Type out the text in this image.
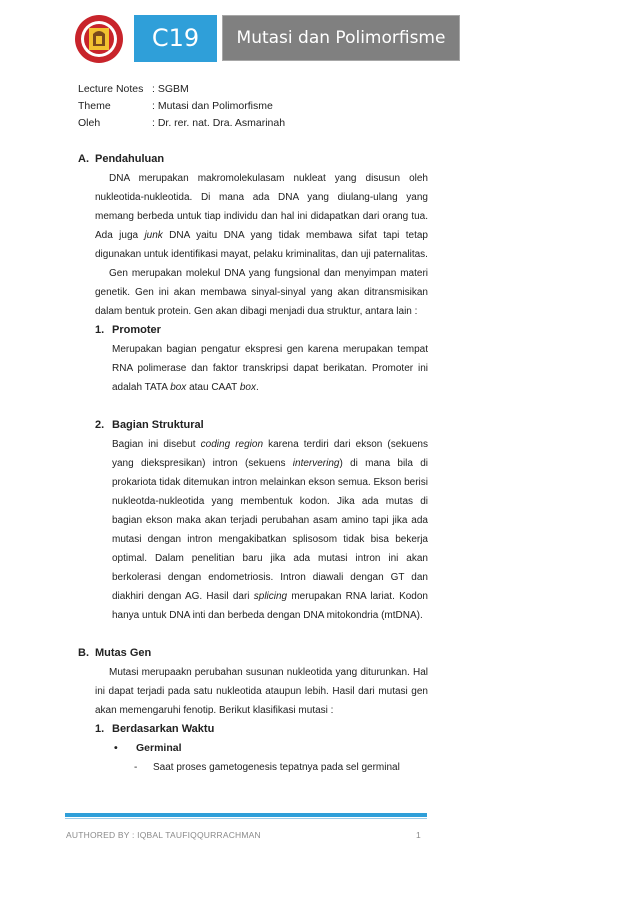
C19	Mutasi dan Polimorfisme
Lecture Notes : SGBM
Theme	: Mutasi dan Polimorfisme
Oleh	: Dr. rer. nat. Dra. Asmarinah
A. Pendahuluan
DNA merupakan makromolekulasam nukleat yang disusun oleh nukleotida-nukleotida. Di mana ada DNA yang diulang-ulang yang memang berbeda untuk tiap individu dan hal ini didapatkan dari orang tua. Ada juga junk DNA yaitu DNA yang tidak membawa sifat tapi tetap digunakan untuk identifikasi mayat, pelaku kriminalitas, dan uji paternalitas.
Gen merupakan molekul DNA yang fungsional dan menyimpan materi genetik. Gen ini akan membawa sinyal-sinyal yang akan ditransmisikan dalam bentuk protein. Gen akan dibagi menjadi dua struktur, antara lain :
1. Promoter
Merupakan bagian pengatur ekspresi gen karena merupakan tempat RNA polimerase dan faktor transkripsi dapat berikatan. Promoter ini adalah TATA box atau CAAT box.
2. Bagian Struktural
Bagian ini disebut coding region karena terdiri dari ekson (sekuens yang diekspresikan) intron (sekuens intervering) di mana bila di prokariota tidak ditemukan intron melainkan ekson semua. Ekson berisi nukleotda-nukleotida yang membentuk kodon. Jika ada mutas di bagian ekson maka akan terjadi perubahan asam amino tapi jika ada mutasi dengan intron mengakibatkan splisosom tidak bisa bekerja optimal. Dalam penelitian baru jika ada mutasi intron ini akan berkolerasi dengan endometriosis. Intron diawali dengan GT dan diakhiri dengan AG. Hasil dari splicing merupakan RNA lariat. Kodon hanya untuk DNA inti dan berbeda dengan DNA mitokondria (mtDNA).
B. Mutas Gen
Mutasi merupaakn perubahan susunan nukleotida yang diturunkan. Hal ini dapat terjadi pada satu nukleotida ataupun lebih. Hasil dari mutasi gen akan memengaruhi fenotip. Berikut klasifikasi mutasi :
1. Berdasarkan Waktu
•	Germinal
-	Saat proses gametogenesis tepatnya pada sel germinal
AUTHORED BY : IQBAL TAUFIQQURRACHMAN	1
